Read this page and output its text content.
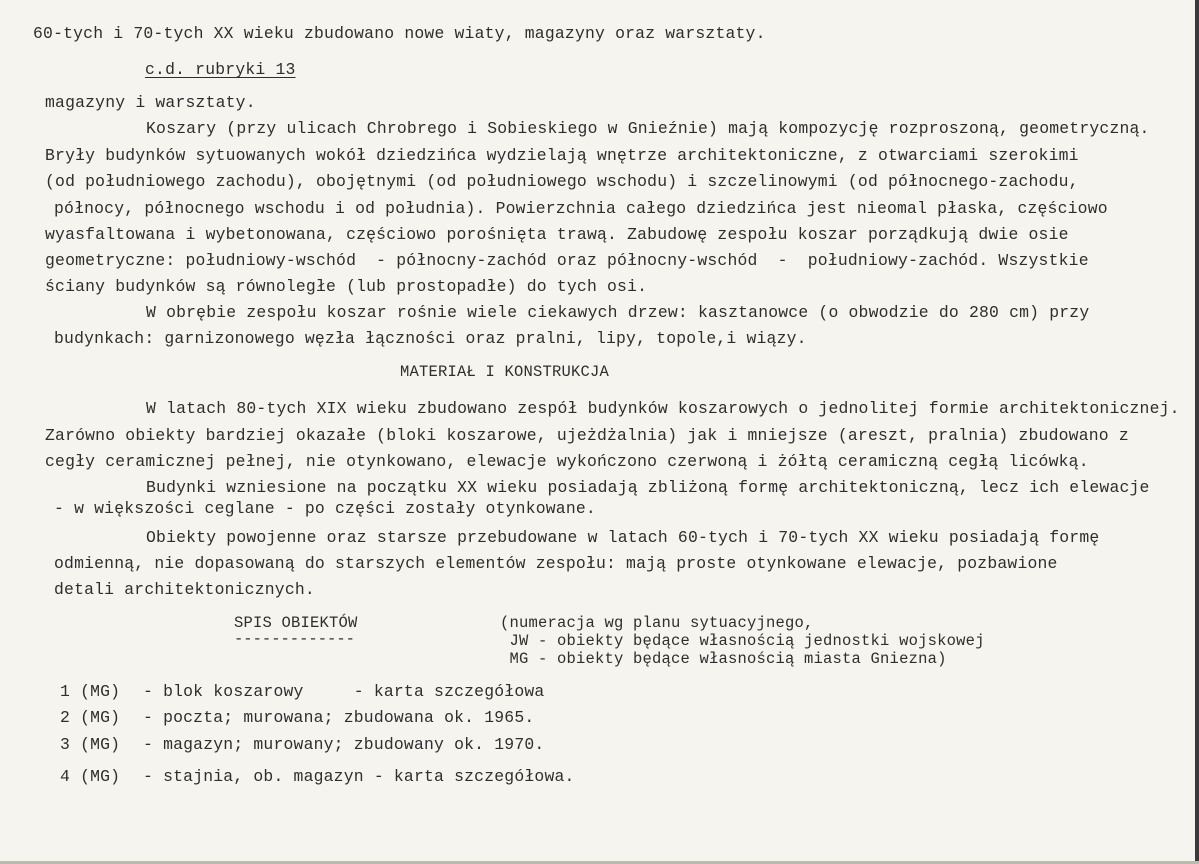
60-tych i 70-tych XX wieku zbudowano nowe wiaty, magazyny oraz warsztaty.
c.d. rubryki 13
magazyny i warsztaty.
Koszary (przy ulicach Chrobrego i Sobieskiego w Gnieźnie) mają kompozycję rozproszoną, geometryczną.
Bryły budynków sytuowanych wokół dziedzińca wydzielają wnętrze architektoniczne, z otwarciami szerokimi
(od południowego zachodu), obojętnymi (od południowego wschodu) i szczelinowymi (od północnego-zachodu,
północy, północnego wschodu i od południa). Powierzchnia całego dziedzińca jest nieomal płaska, częściowo
wyasfaltowana i wybetonowana, częściowo porośnięta trawą. Zabudowę zespołu koszar porządkują dwie osie
geometryczne: południowy-wschód  - północny-zachód oraz północny-wschód  -  południowy-zachód. Wszystkie
ściany budynków są równoległe (lub prostopadłe) do tych osi.
W obrębie zespołu koszar rośnie wiele ciekawych drzew: kasztanowce (o obwodzie do 280 cm) przy
budynkach: garnizonowego węzła łączności oraz pralni, lipy, topole,i wiązy.
MATERIAŁ I KONSTRUKCJA
W latach 80-tych XIX wieku zbudowano zespół budynków koszarowych o jednolitej formie architektonicznej.
Zarówno obiekty bardziej okazałe (bloki koszarowe, ujeżdżalnia) jak i mniejsze (areszt, pralnia) zbudowano z
cegły ceramicznej pełnej, nie otynkowano, elewacje wykończono czerwoną i żółtą ceramiczną cegłą licówką.
Budynki wzniesione na początku XX wieku posiadają zbliżoną formę architektoniczną, lecz ich elewacje
- w większości ceglane - po części zostały otynkowane.
Obiekty powojenne oraz starsze przebudowane w latach 60-tych i 70-tych XX wieku posiadają formę
odmienną, nie dopasowaną do starszych elementów zespołu: mają proste otynkowane elewacje, pozbawione
detali architektonicznych.
SPIS OBIEKTÓW
-------------
(numeracja wg planu sytuacyjnego,
JW - obiekty będące własnością jednostki wojskowej
MG - obiekty będące własnością miasta Gniezna)
1 (MG) - blok koszarowy     - karta szczegółowa
2 (MG) - poczta; murowana; zbudowana ok. 1965.
3 (MG) - magazyn; murowany; zbudowany ok. 1970.
4 (MG) - stajnia, ob. magazyn - karta szczegółowa.
